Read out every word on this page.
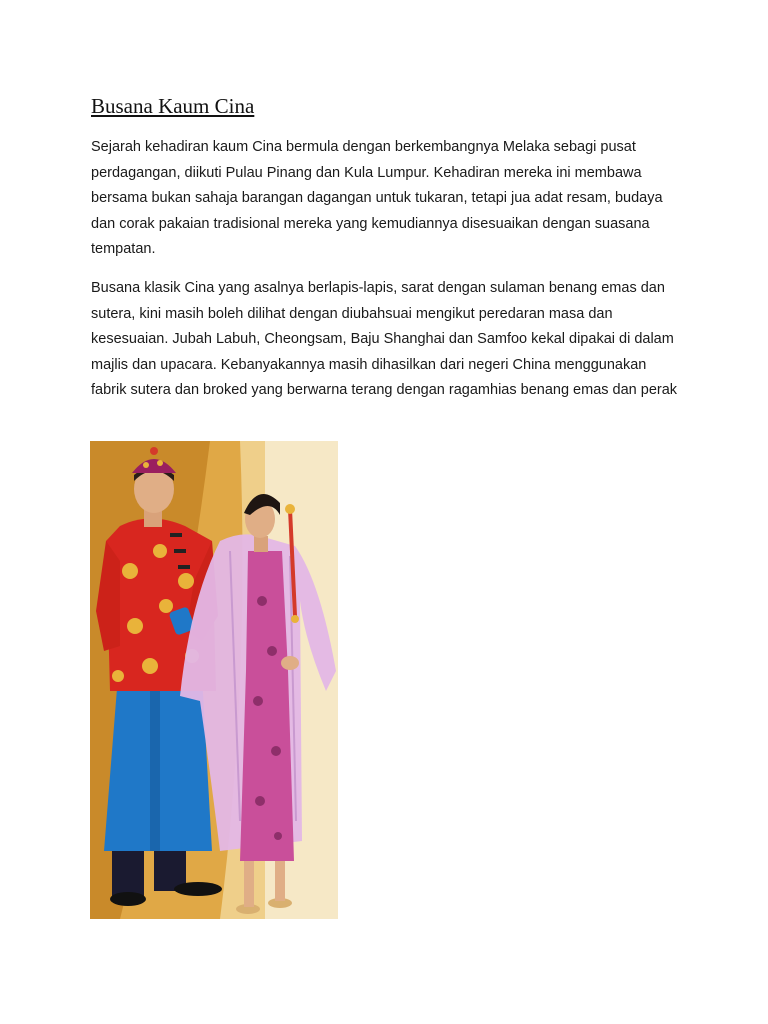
Busana Kaum Cina

Sejarah kehadiran kaum Cina bermula dengan berkembangnya Melaka sebagi pusat perdagangan, diikuti Pulau Pinang dan Kula Lumpur. Kehadiran mereka ini membawa bersama bukan sahaja barangan dagangan untuk tukaran, tetapi jua adat resam, budaya dan corak pakaian tradisional mereka yang kemudiannya disesuaikan dengan suasana tempatan.

Busana klasik Cina yang asalnya berlapis-lapis, sarat dengan sulaman benang emas dan sutera, kini masih boleh dilihat dengan diubahsuai mengikut peredaran masa dan kesesuaian. Jubah Labuh, Cheongsam, Baju Shanghai dan Samfoo kekal dipakai di dalam majlis dan upacara. Kebanyakannya masih dihasilkan dari negeri China menggunakan fabrik sutera dan broked yang berwarna terang dengan ragamhias benang emas dan perak
